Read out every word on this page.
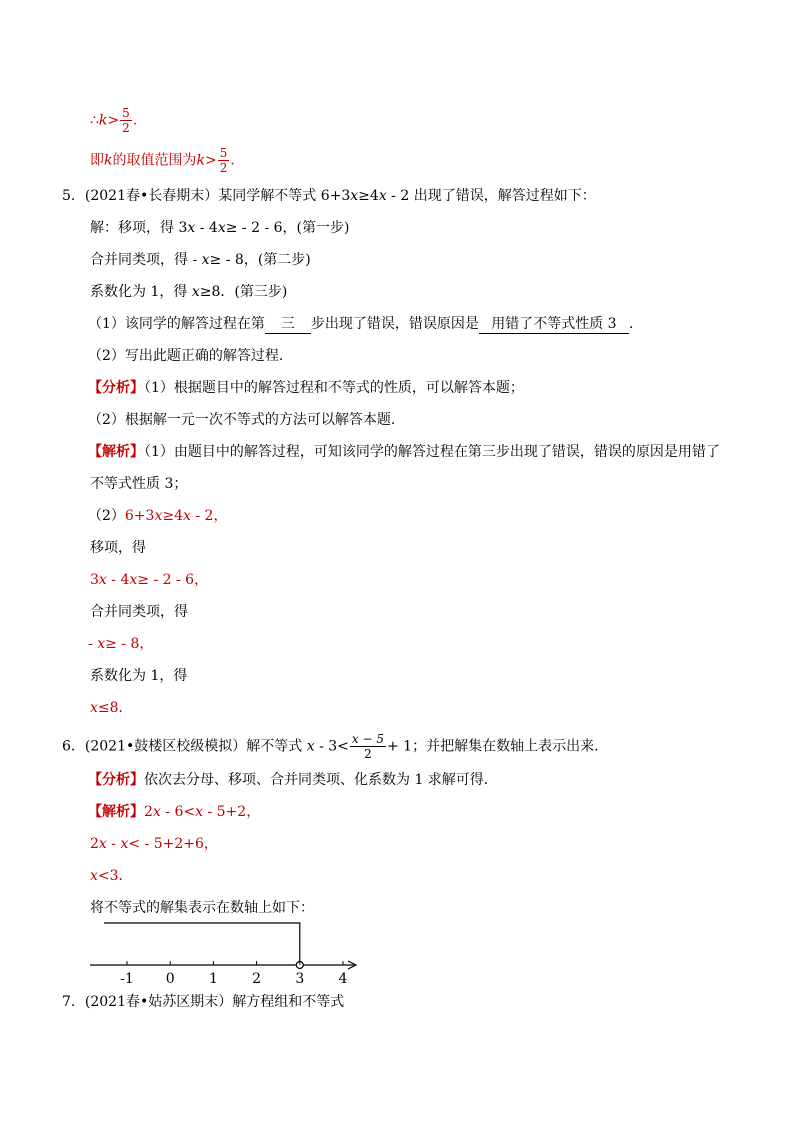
∴k> $\frac{5}{2}$ .
即k的取值范围为$k> \frac{5}{2}$ .
5．(2021春•长春期末）某同学解不等式 6+3x≥4x - 2 出现了错误，解答过程如下：
解：移项，得 3x - 4x≥ - 2 - 6，(第一步)
合并同类项，得 - x≥ - 8，(第二步)
系数化为 1，得 x≥8．(第三步)
（1）该同学的解答过程在第 三 步出现了错误，错误原因是 用错了不等式性质 3 ．
（2）写出此题正确的解答过程．
【分析】（1）根据题目中的解答过程和不等式的性质，可以解答本题；
（2）根据解一元一次不等式的方法可以解答本题．
【解析】（1）由题目中的解答过程，可知该同学的解答过程在第三步出现了错误，错误的原因是用错了
不等式性质 3；
（2）6+3x≥4x - 2，
移项，得
3x - 4x≥ - 2 - 6，
合并同类项，得
- x≥ - 8，
系数化为 1，得
x≤8．
6．(2021•鼓楼区校级模拟）解不等式 $x - 3< \frac{x - 5}{2} + 1$；并把解集在数轴上表示出来．
【分析】依次去分母、移项、合并同类项、化系数为 1 求解可得．
【解析】2x - 6<x - 5+2，
2x - x< - 5+2+6，
x<3．
将不等式的解集表示在数轴上如下：
-1 0 1 2 3 4
7．(2021春•姑苏区期末）解方程组和不等式
